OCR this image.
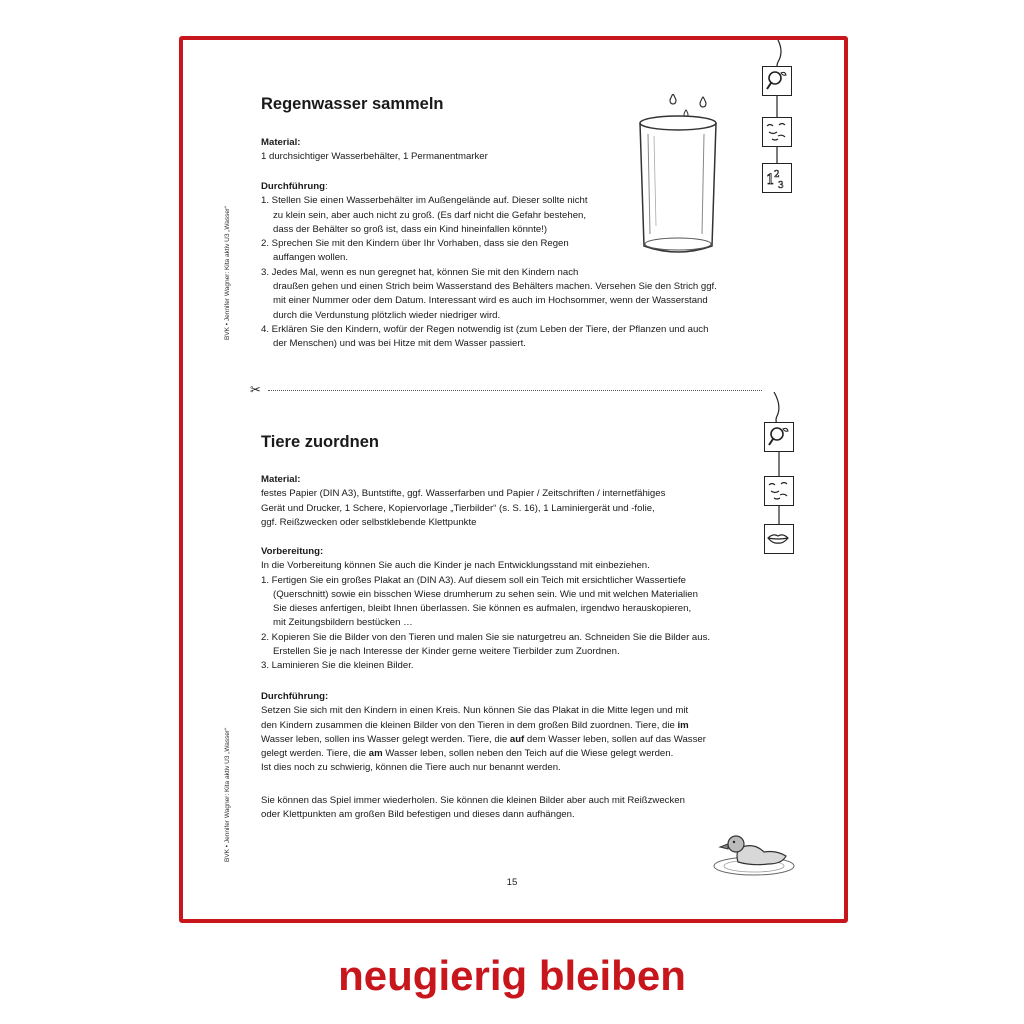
BVK • Jennifer Wagner: Kita aktiv U3 „Wasser“
BVK • Jennifer Wagner: Kita aktiv U3 „Wasser“
Regenwasser sammeln
Material:
1 durchsichtiger Wasserbehälter, 1 Permanentmarker
Durchführung:
1. Stellen Sie einen Wasserbehälter im Außengelände auf. Dieser sollte nicht
zu klein sein, aber auch nicht zu groß. (Es darf nicht die Gefahr bestehen,
dass der Behälter so groß ist, dass ein Kind hineinfallen könnte!)
2. Sprechen Sie mit den Kindern über Ihr Vorhaben, dass sie den Regen
auffangen wollen.
3. Jedes Mal, wenn es nun geregnet hat, können Sie mit den Kindern nach
draußen gehen und einen Strich beim Wasserstand des Behälters machen. Versehen Sie den Strich ggf.
mit einer Nummer oder dem Datum. Interessant wird es auch im Hochsommer, wenn der Wasserstand
durch die Verdunstung plötzlich wieder niedriger wird.
4. Erklären Sie den Kindern, wofür der Regen notwendig ist (zum Leben der Tiere, der Pflanzen und auch
der Menschen) und was bei Hitze mit dem Wasser passiert.
1 2
3
✂
Tiere zuordnen
Material:
festes Papier (DIN A3), Buntstifte, ggf. Wasserfarben und Papier / Zeitschriften / internetfähiges
Gerät und Drucker, 1 Schere, Kopiervorlage „Tierbilder“ (s. S. 16), 1 Laminiergerät und -folie,
ggf. Reißzwecken oder selbstklebende Klettpunkte
Vorbereitung:
In die Vorbereitung können Sie auch die Kinder je nach Entwicklungsstand mit einbeziehen.
1. Fertigen Sie ein großes Plakat an (DIN A3). Auf diesem soll ein Teich mit ersichtlicher Wassertiefe
(Querschnitt) sowie ein bisschen Wiese drumherum zu sehen sein. Wie und mit welchen Materialien
Sie dieses anfertigen, bleibt Ihnen überlassen. Sie können es aufmalen, irgendwo herauskopieren,
mit Zeitungsbildern bestücken …
2. Kopieren Sie die Bilder von den Tieren und malen Sie sie naturgetreu an. Schneiden Sie die Bilder aus.
Erstellen Sie je nach Interesse der Kinder gerne weitere Tierbilder zum Zuordnen.
3. Laminieren Sie die kleinen Bilder.
Durchführung:
Setzen Sie sich mit den Kindern in einen Kreis. Nun können Sie das Plakat in die Mitte legen und mit
den Kindern zusammen die kleinen Bilder von den Tieren in dem großen Bild zuordnen. Tiere, die im
Wasser leben, sollen ins Wasser gelegt werden. Tiere, die auf dem Wasser leben, sollen auf das Wasser
gelegt werden. Tiere, die am Wasser leben, sollen neben den Teich auf die Wiese gelegt werden.
Ist dies noch zu schwierig, können die Tiere auch nur benannt werden.
Sie können das Spiel immer wiederholen. Sie können die kleinen Bilder aber auch mit Reißzwecken
oder Klettpunkten am großen Bild befestigen und dieses dann aufhängen.
15
neugierig bleiben
